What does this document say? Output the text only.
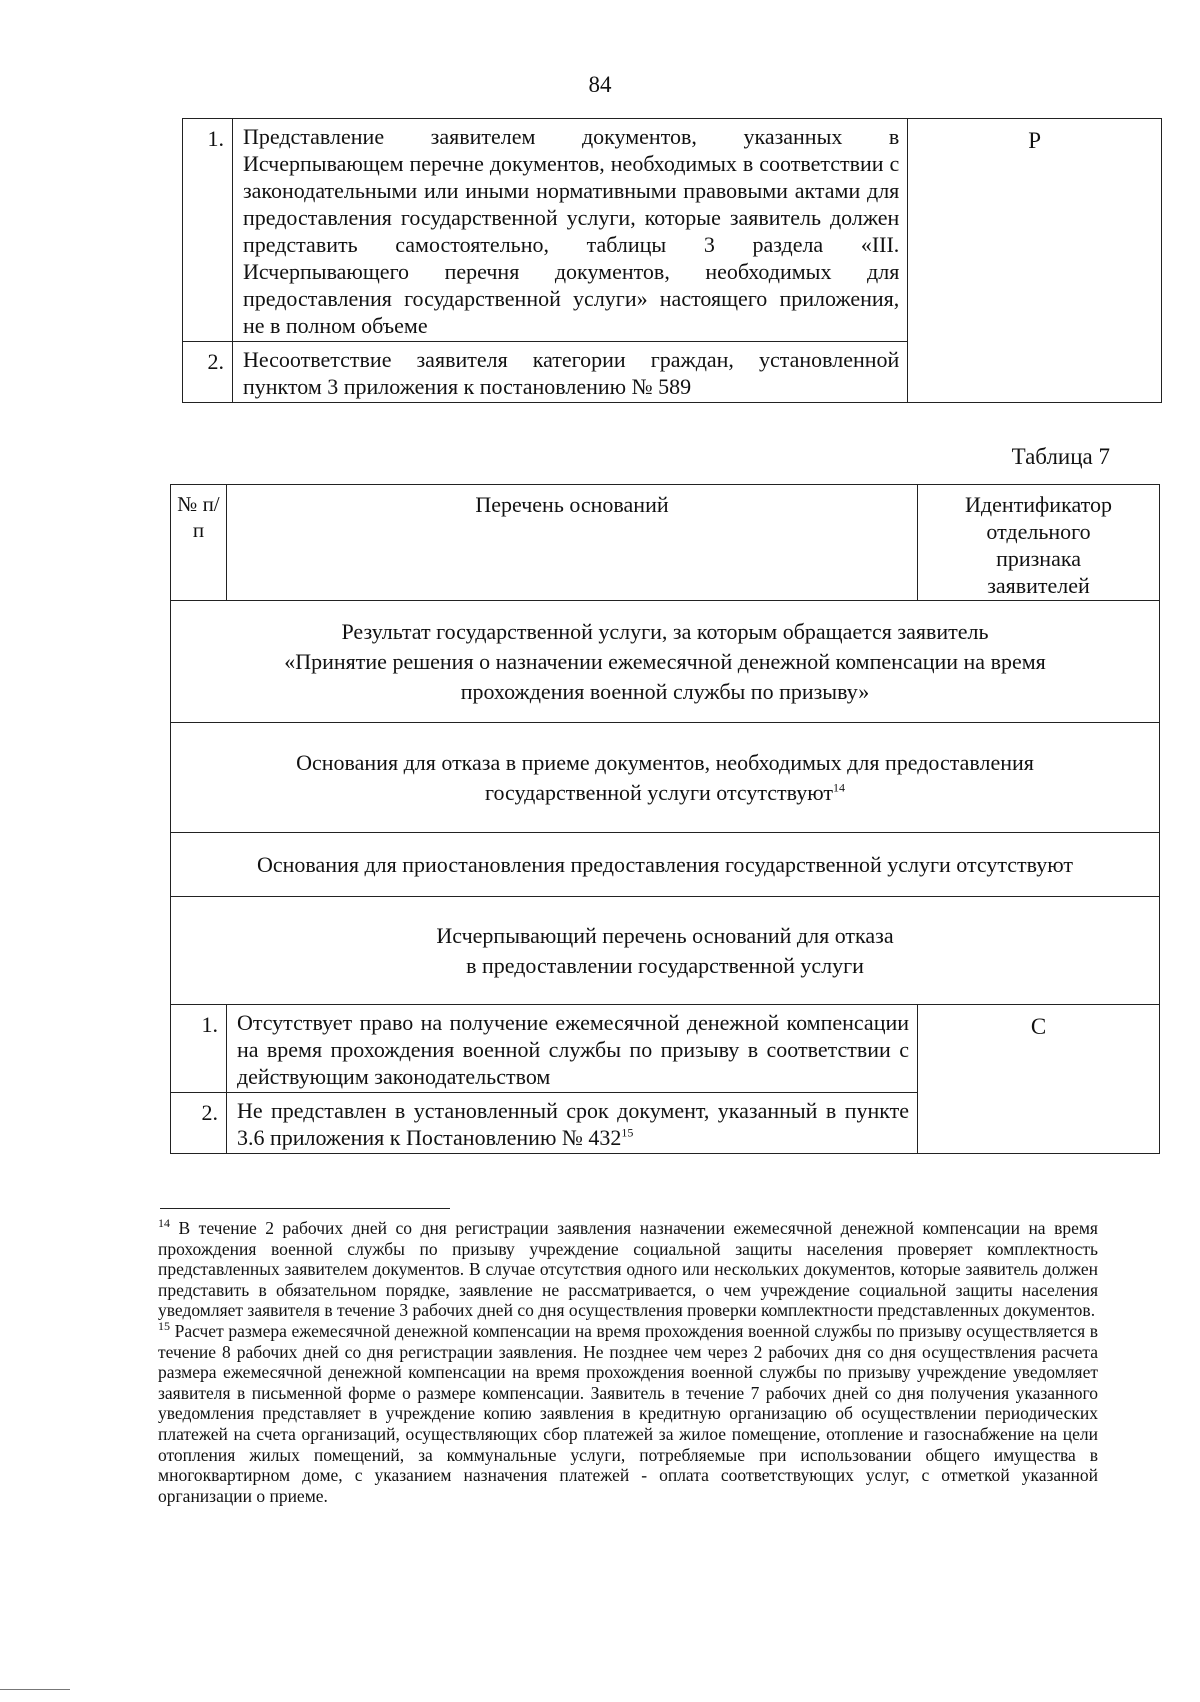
84
1.	Представление заявителем документов, указанных в Исчерпывающем перечне документов, необходимых в соответствии с законодательными или иными нормативными правовыми актами для предоставления государственной услуги, которые заявитель должен представить самостоятельно, таблицы 3 раздела «III. Исчерпывающего перечня документов, необходимых для предоставления государственной услуги» настоящего приложения, не в полном объеме	Р
2.	Несоответствие заявителя категории граждан, установленной пунктом 3 приложения к постановлению № 589	
Таблица 7
№ п/п	Перечень оснований	Идентификатор отдельного признака заявителей

Результат государственной услуги, за которым обращается заявитель
«Принятие решения о назначении ежемесячной денежной компенсации на время прохождения военной службы по призыву»		

Основания для отказа в приеме документов, необходимых для предоставления государственной услуги отсутствуют$^{14}$
Основания для приостановления предоставления государственной услуги отсутствуют		

Исчерпывающий перечень оснований для отказа
в предоставлении государственной услуги		

1.	Отсутствует право на получение ежемесячной денежной компенсации на время прохождения военной службы по призыву в соответствии с действующим законодательством	С
2.	Не представлен в установленный срок документ, указанный в пункте 3.6 приложения к Постановлению № $432^{15}$

$^{14}$ В течение 2 рабочих дней со дня регистрации заявления назначении ежемесячной денежной компенсации на время прохождения военной службы по призыву учреждение социальной защиты населения проверяет комплектность представленных заявителем документов. В случае отсутствия одного или нескольких документов, которые заявитель должен представить в обязательном порядке, заявление не рассматривается, о чем учреждение социальной защиты населения уведомляет заявителя в течение 3 рабочих дней со дня осуществления проверки комплектности представленных документов.

$^{15}$ Расчет размера ежемесячной денежной компенсации на время прохождения военной службы по призыву осуществляется в течение 8 рабочих дней со дня регистрации заявления. Не позднее чем через 2 рабочих дня со дня осуществления расчета размера ежемесячной денежной компенсации на время прохождения военной службы по призыву учреждение уведомляет заявителя в письменной форме о размере компенсации. Заявитель в течение 7 рабочих дней со дня получения указанного уведомления представляет в учреждение копию заявления в кредитную организацию об осуществлении периодических платежей на счета организаций, осуществляющих сбор платежей за жилое помещение, отопление и газоснабжение на цели отопления жилых помещений, за коммунальные услуги, потребляемые при использовании общего имущества в многоквартирном доме, с указанием назначения платежей - оплата соответствующих услуг, с отметкой указанной организации о приеме.
